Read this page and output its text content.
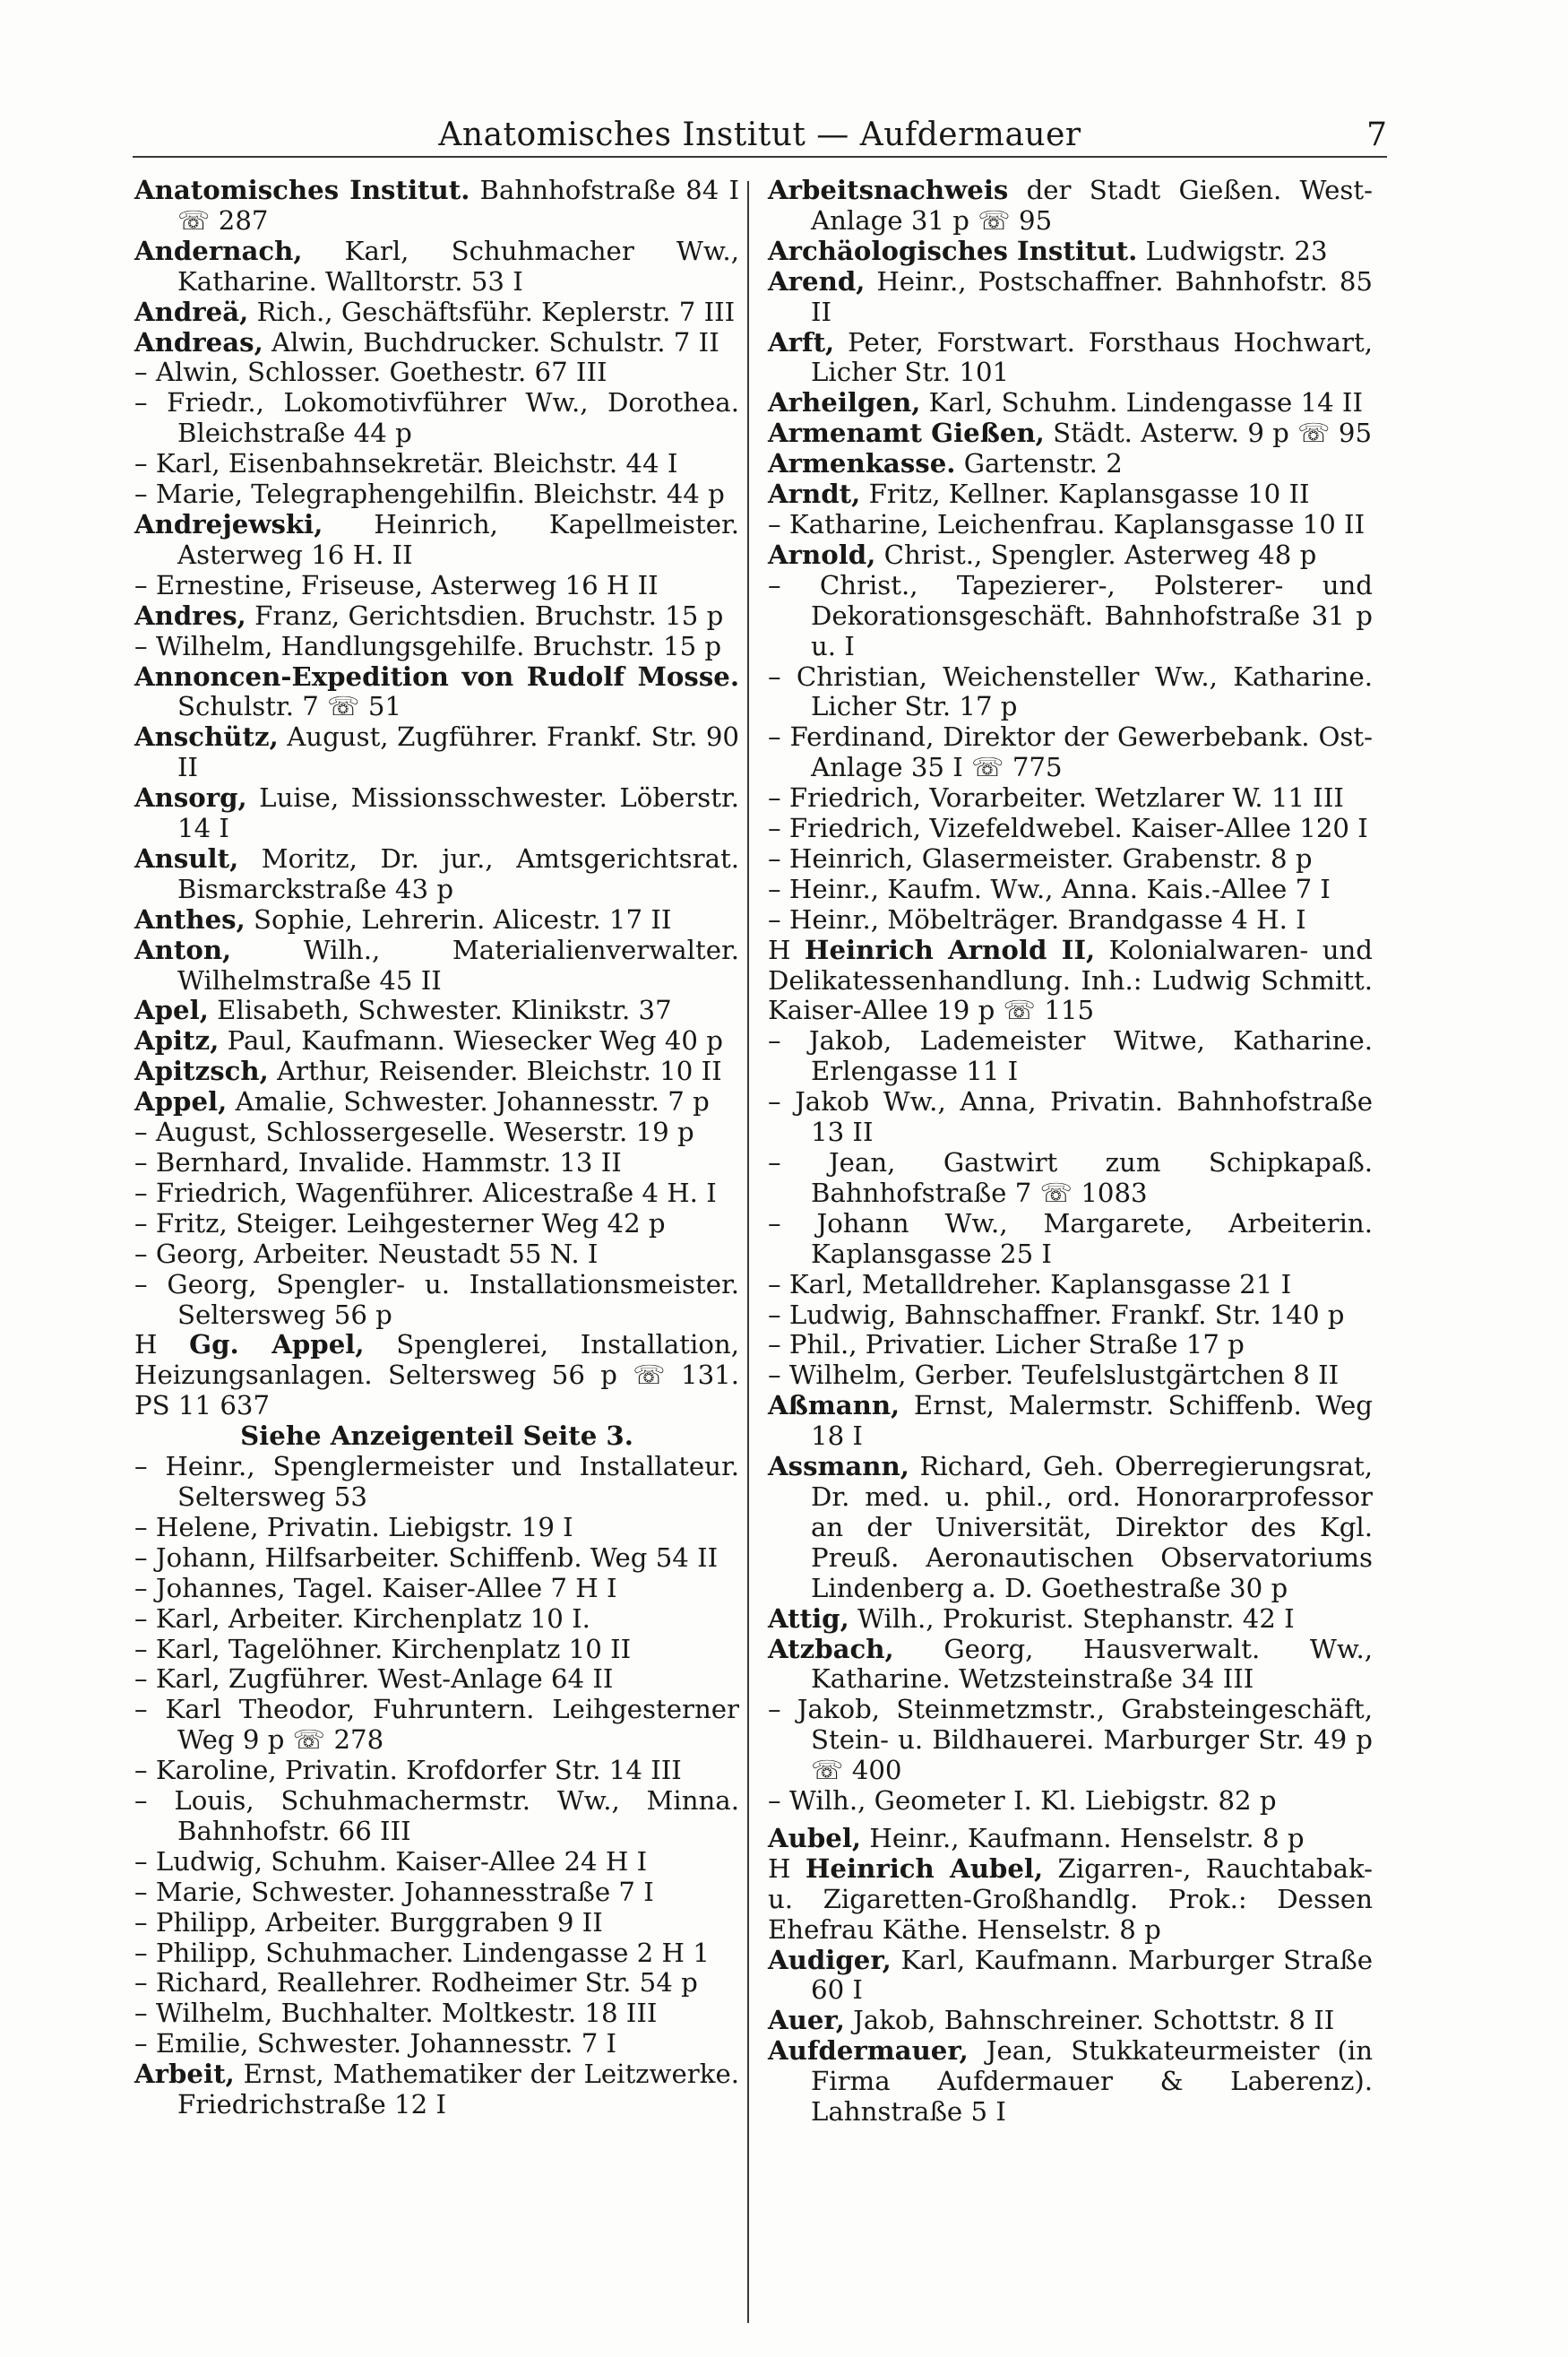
Anatomisches Institut — Aufdermauer	7

Anatomisches Institut. Bahnhofstraße 84 I ☏ 287

Andernach, Karl, Schuhmacher Ww., Katharine. Walltorstr. 53 I

Andreä, Rich., Geschäftsführ. Keplerstr. 7 III

Andreas, Alwin, Buchdrucker. Schulstr. 7 II

– Alwin, Schlosser. Goethestr. 67 III

– Friedr., Lokomotivführer Ww., Dorothea. Bleichstraße 44 p

– Karl, Eisenbahnsekretär. Bleichstr. 44 I

– Marie, Telegraphengehilfin. Bleichstr. 44 p

Andrejewski, Heinrich, Kapellmeister. Asterweg 16 H. II

– Ernestine, Friseuse, Asterweg 16 H II

Andres, Franz, Gerichtsdien. Bruchstr. 15 p

– Wilhelm, Handlungsgehilfe. Bruchstr. 15 p

Annoncen-Expedition von Rudolf Mosse. Schulstr. 7 ☏ 51

Anschütz, August, Zugführer. Frankf. Str. 90 II

Ansorg, Luise, Missionsschwester. Löberstr. 14 I

Ansult, Moritz, Dr. jur., Amtsgerichtsrat. Bismarckstraße 43 p

Anthes, Sophie, Lehrerin. Alicestr. 17 II

Anton, Wilh., Materialienverwalter. Wilhelmstraße 45 II

Apel, Elisabeth, Schwester. Klinikstr. 37

Apitz, Paul, Kaufmann. Wiesecker Weg 40 p

Apitzsch, Arthur, Reisender. Bleichstr. 10 II

Appel, Amalie, Schwester. Johannesstr. 7 p

– August, Schlossergeselle. Weserstr. 19 p

– Bernhard, Invalide. Hammstr. 13 II

– Friedrich, Wagenführer. Alicestraße 4 H. I

– Fritz, Steiger. Leihgesterner Weg 42 p

– Georg, Arbeiter. Neustadt 55 N. I

– Georg, Spengler- u. Installationsmeister. Seltersweg 56 p

H Gg. Appel, Spenglerei, Installation, Heizungsanlagen. Seltersweg 56 p ☏ 131. PS 11 637

Siehe Anzeigenteil Seite 3.

– Heinr., Spenglermeister und Installateur. Seltersweg 53

– Helene, Privatin. Liebigstr. 19 I

– Johann, Hilfsarbeiter. Schiffenb. Weg 54 II

– Johannes, Tagel. Kaiser-Allee 7 H I

– Karl, Arbeiter. Kirchenplatz 10 I.

– Karl, Tagelöhner. Kirchenplatz 10 II

– Karl, Zugführer. West-Anlage 64 II

– Karl Theodor, Fuhruntern. Leihgesterner Weg 9 p ☏ 278

– Karoline, Privatin. Krofdorfer Str. 14 III

– Louis, Schuhmachermstr. Ww., Minna. Bahnhofstr. 66 III

– Ludwig, Schuhm. Kaiser-Allee 24 H I

– Marie, Schwester. Johannesstraße 7 I

– Philipp, Arbeiter. Burggraben 9 II

– Philipp, Schuhmacher. Lindengasse 2 H 1

– Richard, Reallehrer. Rodheimer Str. 54 p

– Wilhelm, Buchhalter. Moltkestr. 18 III

– Emilie, Schwester. Johannesstr. 7 I

Arbeit, Ernst, Mathematiker der Leitzwerke. Friedrichstraße 12 I

Arbeitsnachweis der Stadt Gießen. West-Anlage 31 p ☏ 95

Archäologisches Institut. Ludwigstr. 23

Arend, Heinr., Postschaffner. Bahnhofstr. 85 II

Arft, Peter, Forstwart. Forsthaus Hochwart, Licher Str. 101

Arheilgen, Karl, Schuhm. Lindengasse 14 II

Armenamt Gießen, Städt. Asterw. 9 p ☏ 95

Armenkasse. Gartenstr. 2

Arndt, Fritz, Kellner. Kaplansgasse 10 II

– Katharine, Leichenfrau. Kaplansgasse 10 II

Arnold, Christ., Spengler. Asterweg 48 p

– Christ., Tapezierer-, Polsterer- und Dekorationsgeschäft. Bahnhofstraße 31 p u. I

– Christian, Weichensteller Ww., Katharine. Licher Str. 17 p

– Ferdinand, Direktor der Gewerbebank. Ost-Anlage 35 I ☏ 775

– Friedrich, Vorarbeiter. Wetzlarer W. 11 III

– Friedrich, Vizefeldwebel. Kaiser-Allee 120 I

– Heinrich, Glasermeister. Grabenstr. 8 p

– Heinr., Kaufm. Ww., Anna. Kais.-Allee 7 I

– Heinr., Möbelträger. Brandgasse 4 H. I

H Heinrich Arnold II, Kolonialwaren- und Delikatessenhandlung. Inh.: Ludwig Schmitt. Kaiser-Allee 19 p ☏ 115

– Jakob, Lademeister Witwe, Katharine. Erlengasse 11 I

– Jakob Ww., Anna, Privatin. Bahnhofstraße 13 II

– Jean, Gastwirt zum Schipkapaß. Bahnhofstraße 7 ☏ 1083

– Johann Ww., Margarete, Arbeiterin. Kaplansgasse 25 I

– Karl, Metalldreher. Kaplansgasse 21 I

– Ludwig, Bahnschaffner. Frankf. Str. 140 p

– Phil., Privatier. Licher Straße 17 p

– Wilhelm, Gerber. Teufelslustgärtchen 8 II

Aßmann, Ernst, Malermstr. Schiffenb. Weg 18 I

Assmann, Richard, Geh. Oberregierungsrat, Dr. med. u. phil., ord. Honorarprofessor an der Universität, Direktor des Kgl. Preuß. Aeronautischen Observatoriums Lindenberg a. D. Goethestraße 30 p

Attig, Wilh., Prokurist. Stephanstr. 42 I

Atzbach, Georg, Hausverwalt. Ww., Katharine. Wetzsteinstraße 34 III

– Jakob, Steinmetzmstr., Grabsteingeschäft, Stein- u. Bildhauerei. Marburger Str. 49 p ☏ 400

– Wilh., Geometer I. Kl. Liebigstr. 82 p

Aubel, Heinr., Kaufmann. Henselstr. 8 p

H Heinrich Aubel, Zigarren-, Rauchtabak- u. Zigaretten-Großhandlg. Prok.: Dessen Ehefrau Käthe. Henselstr. 8 p

Audiger, Karl, Kaufmann. Marburger Straße 60 I

Auer, Jakob, Bahnschreiner. Schottstr. 8 II

Aufdermauer, Jean, Stukkateurmeister (in Firma Aufdermauer & Laberenz). Lahnstraße 5 I
